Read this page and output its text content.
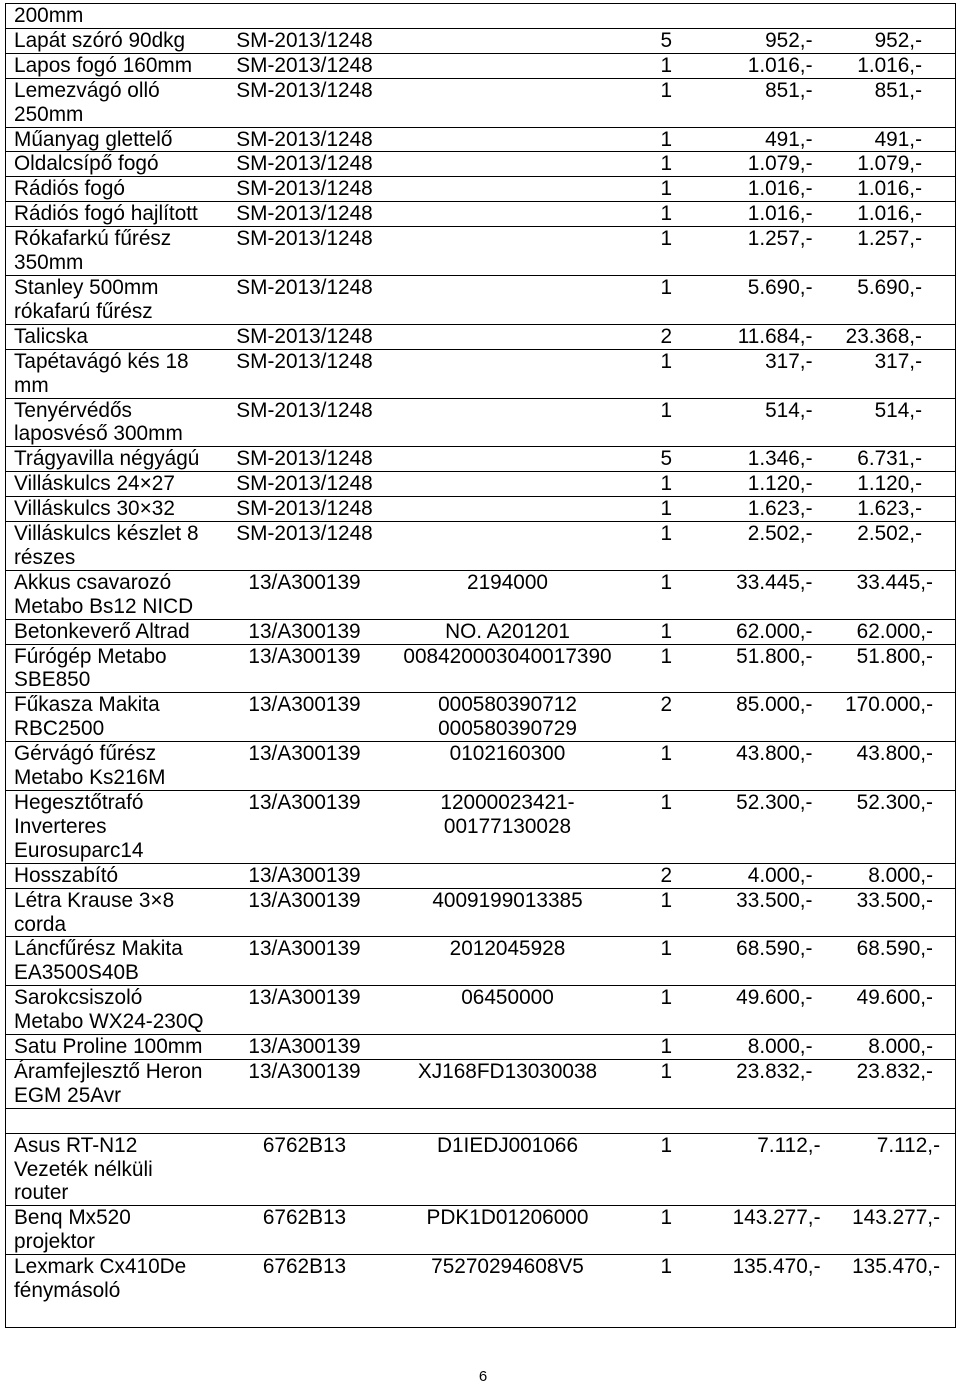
200mm					

Lapát szóró 90dkg	SM-2013/1248		5	952,-	952,-

Lapos fogó 160mm	SM-2013/1248		1	1.016,-	1.016,-

Lemezvágó olló
250mm	SM-2013/1248		1	851,-	851,-

Műanyag glettelő	SM-2013/1248		1	491,-	491,-

Oldalcsípő fogó	SM-2013/1248		1	1.079,-	1.079,-

Rádiós fogó	SM-2013/1248		1	1.016,-	1.016,-

Rádiós fogó hajlított	SM-2013/1248		1	1.016,-	1.016,-

Rókafarkú fűrész
350mm	SM-2013/1248		1	1.257,-	1.257,-

Stanley 500mm
rókafarú fűrész	SM-2013/1248		1	5.690,-	5.690,-

Talicska	SM-2013/1248		2	11.684,-	23.368,-

Tapétavágó kés 18
mm	SM-2013/1248		1	317,-	317,-

Tenyérvédős
laposvéső 300mm	SM-2013/1248		1	514,-	514,-

Trágyavilla négyágú	SM-2013/1248		5	1.346,-	6.731,-

Villáskulcs 24×27	SM-2013/1248		1	1.120,-	1.120,-

Villáskulcs 30×32	SM-2013/1248		1	1.623,-	1.623,-

Villáskulcs készlet 8
részes	SM-2013/1248		1	2.502,-	2.502,-

Akkus csavarozó
Metabo Bs12 NICD	13/A300139	2194000	1	33.445,-	33.445,-

Betonkeverő Altrad	13/A300139	NO. A201201	1	62.000,-	62.000,-

Fúrógép Metabo
SBE850	13/A300139	008420003040017390	1	51.800,-	51.800,-

Fűkasza Makita
RBC2500	13/A300139	000580390712
000580390729	2	85.000,-	170.000,-

Gérvágó fűrész
Metabo Ks216M	13/A300139	0102160300	1	43.800,-	43.800,-

Hegesztőtrafó
Inverteres
Eurosuparc14	13/A300139	12000023421-
00177130028	1	52.300,-	52.300,-

Hosszabító	13/A300139		2	4.000,-	8.000,-

Létra Krause 3×8
corda	13/A300139	4009199013385	1	33.500,-	33.500,-

Láncfűrész Makita
EA3500S40B	13/A300139	2012045928	1	68.590,-	68.590,-

Sarokcsiszoló
Metabo WX24-230Q	13/A300139	06450000	1	49.600,-	49.600,-

Satu Proline 100mm	13/A300139		1	8.000,-	8.000,-

Áramfejlesztő Heron
EGM 25Avr	13/A300139	XJ168FD13030038	1	23.832,-	23.832,-

Asus RT-N12
Vezeték nélküli
router	6762B13	D1IEDJ001066	1	7.112,-	7.112,-

Benq Mx520
projektor	6762B13	PDK1D01206000	1	143.277,-	143.277,-

Lexmark Cx410De
fénymásoló	6762B13	75270294608V5	1	135.470,-	135.470,-
6
